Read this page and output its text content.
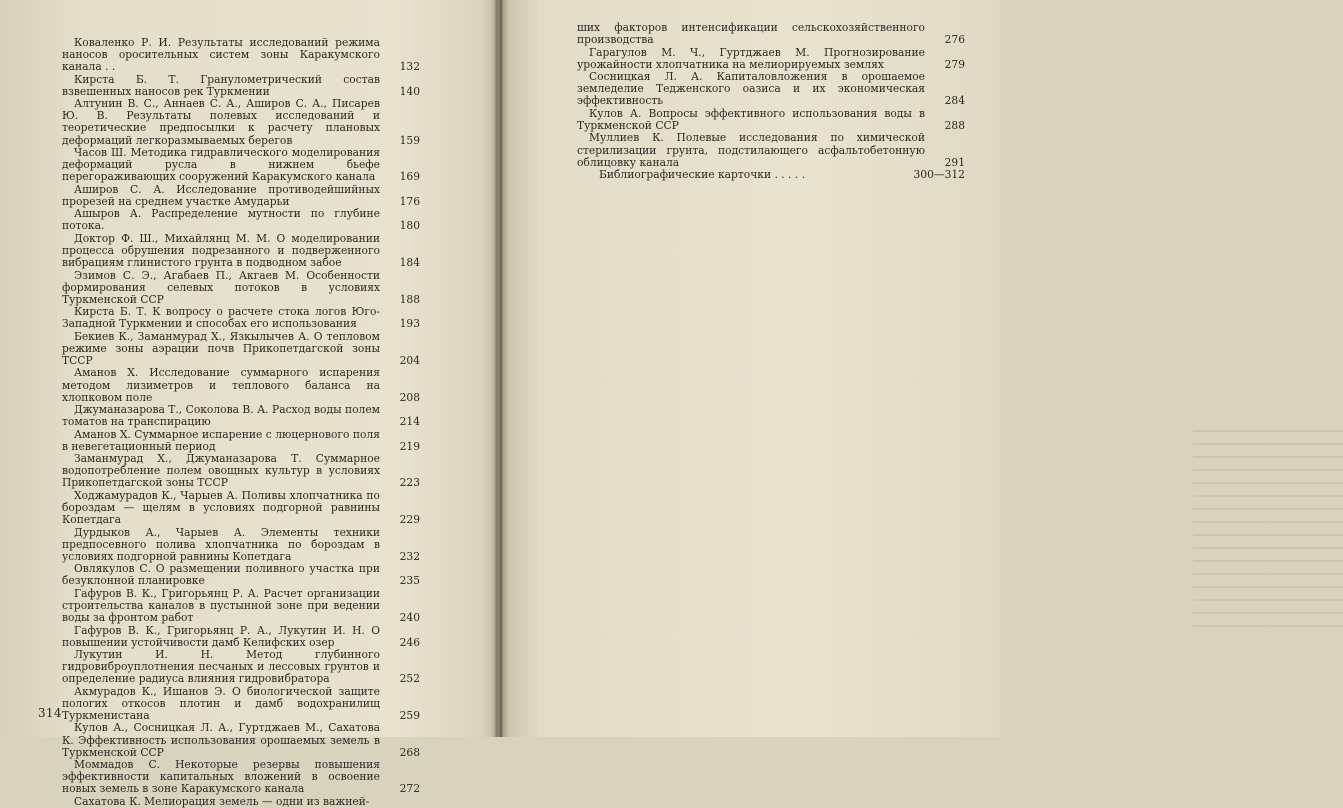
Коваленко Р. И. Результаты исследований режима наносов оросительных систем зоны Каракумского канала . .	132
Кирста Б. Т. Гранулометрический состав взвешенных наносов рек Туркмении	140
Алтунин В. С., Аннаев С. А., Аширов С. А., Писарев Ю. В. Результаты полевых исследований и теоретические предпосылки к расчету плановых деформаций легкоразмываемых берегов	159
Часов Ш. Методика гидравлического моделирования деформаций русла в нижнем бьефе перегораживающих сооружений Каракумского канала	169
Аширов С. А. Исследование противодейшийных прорезей на среднем участке Амударьи	176
Ашыров А. Распределение мутности по глубине потока.	180
Доктор Ф. Ш., Михайлянц М. М. О моделировании процесса обрушения подрезанного и подверженного вибрациям глинистого грунта в подводном забое	184
Эзимов С. Э., Агабаев П., Акгаев М. Особенности формирования селевых потоков в условиях Туркменской ССР	188
Кирста Б. Т. К вопросу о расчете стока логов Юго-Западной Туркмении и способах его использования	193
Бекиев К., Заманмурад Х., Язкылычев А. О тепловом режиме зоны аэрации почв Прикопетдагской зоны ТССР	204
Аманов Х. Исследование суммарного испарения методом лизиметров и теплового баланса на хлопковом поле	208
Джуманазарова Т., Соколова В. А. Расход воды полем томатов на транспирацию	214
Аманов Х. Суммарное испарение с люцернового поля в невегетационный период	219
Заманмурад Х., Джуманазарова Т. Суммарное водопотребление полем овощных культур в условиях Прикопетдагской зоны ТССР	223
Ходжамурадов К., Чарыев А. Поливы хлопчатника по бороздам — щелям в условиях подгорной равнины Копетдага	229
Дурдыков А., Чарыев А. Элементы техники предпосевного полива хлопчатника по бороздам в условиях подгорной равнины Копетдага	232
Овлякулов С. О размещении поливного участка при безуклонной планировке	235
Гафуров В. К., Григорьянц Р. А. Расчет организации строительства каналов в пустынной зоне при ведении воды за фронтом работ	240
Гафуров В. К., Григорьянц Р. А., Лукутин И. Н. О повышении устойчивости дамб Келифских озер	246
Лукутин И. Н. Метод глубинного гидровиброуплотнения песчаных и лессовых грунтов и определение радиуса влияния гидровибратора	252
Акмурадов К., Ишанов Э. О биологической защите пологих откосов плотин и дамб водохранилищ Туркменистана	259
Кулов А., Сосницкая Л. А., Гуртджаев М., Сахатова К. Эффективность использования орошаемых земель в Туркменской ССР	268
Моммадов С. Некоторые резервы повышения эффективности капитальных вложений в освоение новых земель в зоне Каракумского канала	272
Сахатова К. Мелиорация земель — одни из важней-
314
ших факторов интенсификации сельскохозяйственного производства	276
Гарагулов М. Ч., Гуртджаев М. Прогнозирование урожайности хлопчатника на мелиорируемых землях	279
Сосницкая Л. А. Капиталовложения в орошаемое земледелие Теджeнского оазиса и их экономическая эффективность	284
Кулов А. Вопросы эффективного использования воды в Туркменской ССР	288
Муллиев К. Полевые исследования по химической стерилизации грунта, подстилающего асфальтобетонную облицовку канала	291
Библиографические карточки . . . . .	300—312
